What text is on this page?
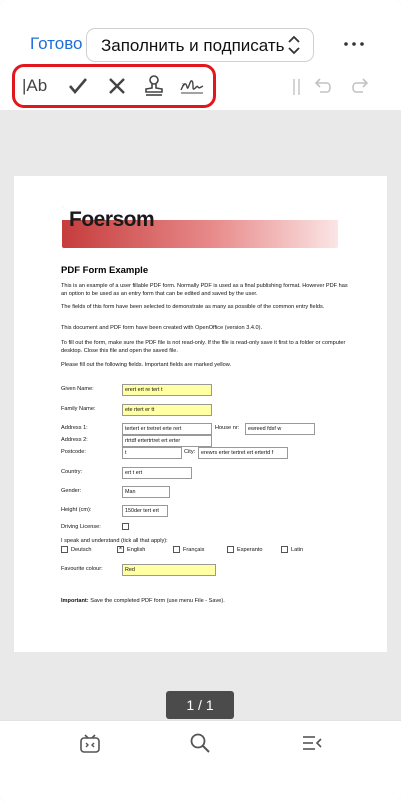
Готово Заполнить и подписать
|Ab	x
Foersom
PDF Form Example
This is an example of a user fillable PDF form. Normally PDF is used as a final publishing format. However PDF has an option to be used as an entry form that can be edited and saved by the user.
The fields of this form have been selected to demonstrate as many as possible of the common entry fields.
This document and PDF form have been created with OpenOffice (version 3.4.0).
To fill out the form, make sure the PDF file is not read-only. If the file is read-only save it first to a folder or computer desktop. Close this file and open the saved file.
Please fill out the following fields. Important fields are marked yellow.
Given Name:	erert ert re tert t
Family Name:	ete rtert er tt
Address 1:	tertert er tretret erte rert	House nr:	ewreed fdsf w
Address 2:	rtrtdf ertertrtret ert erter
Postcode:	t	City:	erewrs erter tertret ert ertertd f
Country:	ert t ert
Gender:	Man
Height (cm):	150der tert ert
Driving License:
I speak and understand (tick all that apply):
Deutsch	× English	Français	Esperanto	Latin
Favourite colour:	Red
Important: Save the completed PDF form (use menu File - Save).
1 / 1
